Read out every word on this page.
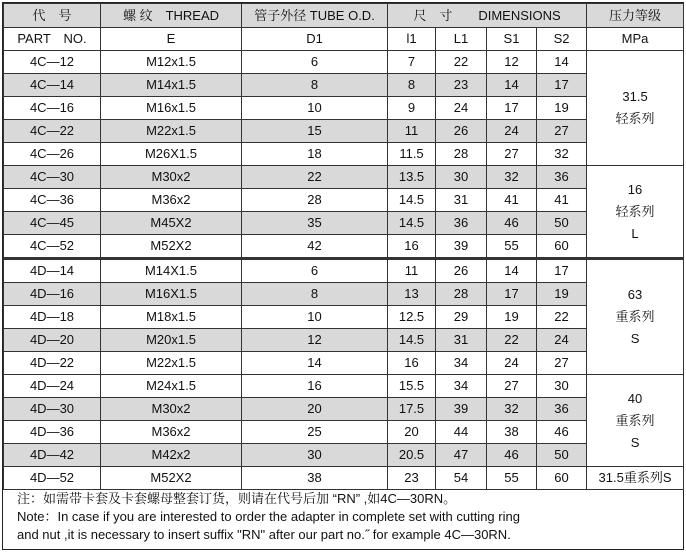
代　号	螺 纹　THREAD	管子外径 TUBE O.D.	尺　寸　　DIMENSIONS				压力等级
PART　NO.	E	D1	l1	L1	S1	S2	MPa
4C—12	M12x1.5	6	7	22	12	14	31.5
轻系列

4C—14	M14x1.5	8	8	23	14	17	
4C—16	M16x1.5	10	9	24	17	19	
4C—22	M22x1.5	15	11	26	24	27	
4C—26	M26X1.5	18	11.5	28	27	32	
4C—30	M30x2	22	13.5	30	32	36	16
轻系列
L

4C—36	M36x2	28	14.5	31	41	41	
4C—45	M45X2	35	14.5	36	46	50	
4C—52	M52X2	42	16	39	55	60	
4D—14	M14X1.5	6	11	26	14	17	63
重系列
S

4D—16	M16X1.5	8	13	28	17	19	
4D—18	M18x1.5	10	12.5	29	19	22	
4D—20	M20x1.5	12	14.5	31	22	24	
4D—22	M22x1.5	14	16	34	24	27	
4D—24	M24x1.5	16	15.5	34	27	30	40
重系列
S

4D—30	M30x2	20	17.5	39	32	36	
4D—36	M36x2	25	20	44	38	46	
4D—42	M42x2	30	20.5	47	46	50	
4D—52	M52X2	38	23	54	55	60	31.5重系列S
注：如需带卡套及卡套螺母整套订货，则请在代号后加 “RN” ,如4C—30RN。
Note：In case if you are interested to order the adapter in complete set with cutting ring
and nut ,it is necessary to insert suffix "RN" after our part no.˝ for example 4C—30RN.
